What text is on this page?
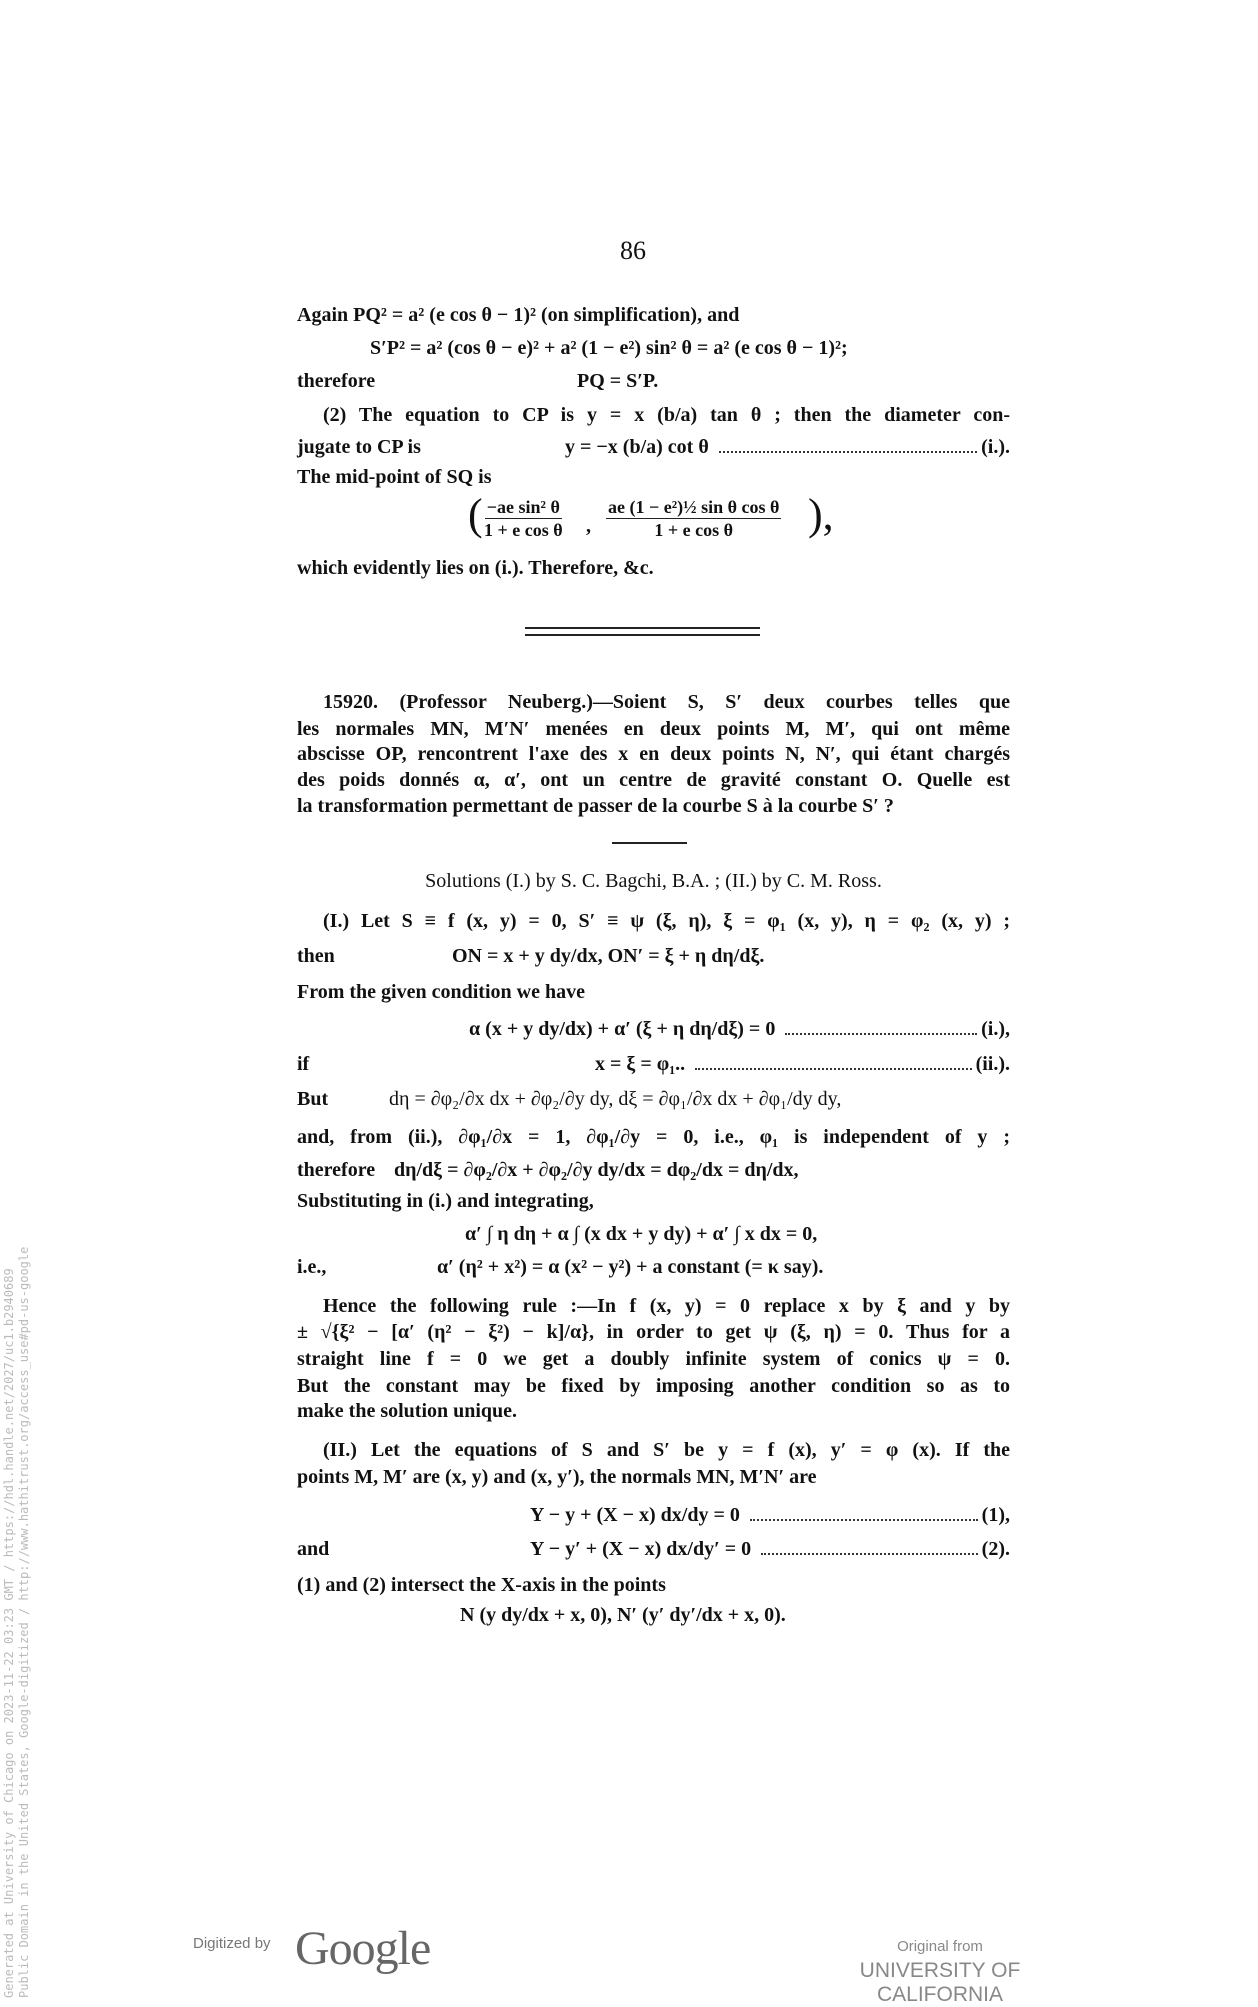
86
Again PQ² = a² (e cos θ − 1)² (on simplification), and
S′P² = a² (cos θ − e)² + a² (1 − e²) sin² θ = a² (e cos θ − 1)²;
therefore	PQ = S′P.
(2) The equation to CP is y = x (b/a) tan θ ; then the diameter con-
jugate to CP is	y = −x (b/a) cot θ	(i.).
The mid-point of SQ is
( $\frac{\text{−ae sin² θ}}{\text{1 + e cos θ}}$ , $\frac{\text{ae (1 − e²)½ sin θ cos θ}}{\text{1 + e cos θ}}$ ),
which evidently lies on (i.). Therefore, &c.
15920. (Professor Neuberg.)—Soient S, S′ deux courbes telles que
les normales MN, M′N′ menées en deux points M, M′, qui ont même
abscisse OP, rencontrent l'axe des x en deux points N, N′, qui étant chargés
des poids donnés α, α′, ont un centre de gravité constant O. Quelle est
la transformation permettant de passer de la courbe S à la courbe S′ ?
Solutions (I.) by S. C. Bagchi, B.A. ; (II.) by C. M. Ross.
(I.) Let S ≡ f (x, y) = 0, S′ ≡ ψ (ξ, η), ξ = φ₁ (x, y), η = φ₂ (x, y) ;
then	ON = x + y dy/dx, ON′ = ξ + η dη/dξ.
From the given condition we have
α (x + y dy/dx) + α′ (ξ + η dη/dξ) = 0	(i.),
if	x = ξ = φ₁..	(ii.).
But	dη = ∂φ₂/∂x dx + ∂φ₂/∂y dy, dξ = ∂φ₁/∂x dx + ∂φ₁/dy dy,
and, from (ii.), ∂φ₁/∂x = 1, ∂φ₁/∂y = 0, i.e., φ₁ is independent of y ;
therefore dη/dξ = ∂φ₂/∂x + ∂φ₂/∂y dy/dx = dφ₂/dx = dη/dx,
Substituting in (i.) and integrating,
α′ ∫ η dη + α ∫ (x dx + y dy) + α′ ∫ x dx = 0,
i.e.,	α′ (η² + x²) = α (x² − y²) + a constant (= κ say).
Hence the following rule :—In f (x, y) = 0 replace x by ξ and y by
± √{ξ² − [α′ (η² − ξ²) − k]/α}, in order to get ψ (ξ, η) = 0. Thus for a
straight line f = 0 we get a doubly infinite system of conics ψ = 0.
But the constant may be fixed by imposing another condition so as to
make the solution unique.
(II.) Let the equations of S and S′ be y = f (x), y′ = φ (x). If the
points M, M′ are (x, y) and (x, y′), the normals MN, M′N′ are
Y − y + (X − x) dx/dy = 0	(1),
and	Y − y′ + (X − x) dx/dy′ = 0	(2).
(1) and (2) intersect the X-axis in the points
N (y dy/dx + x, 0), N′ (y′ dy′/dx + x, 0).
Generated at University of Chicago on 2023-11-22 03:23 GMT / https://hdl.handle.net/2027/uc1.b2940689 Public Domain in the United States, Google-digitized / http://www.hathitrust.org/access_use#pd-us-google	Digitized by Google	Original from
UNIVERSITY OF CALIFORNIA
